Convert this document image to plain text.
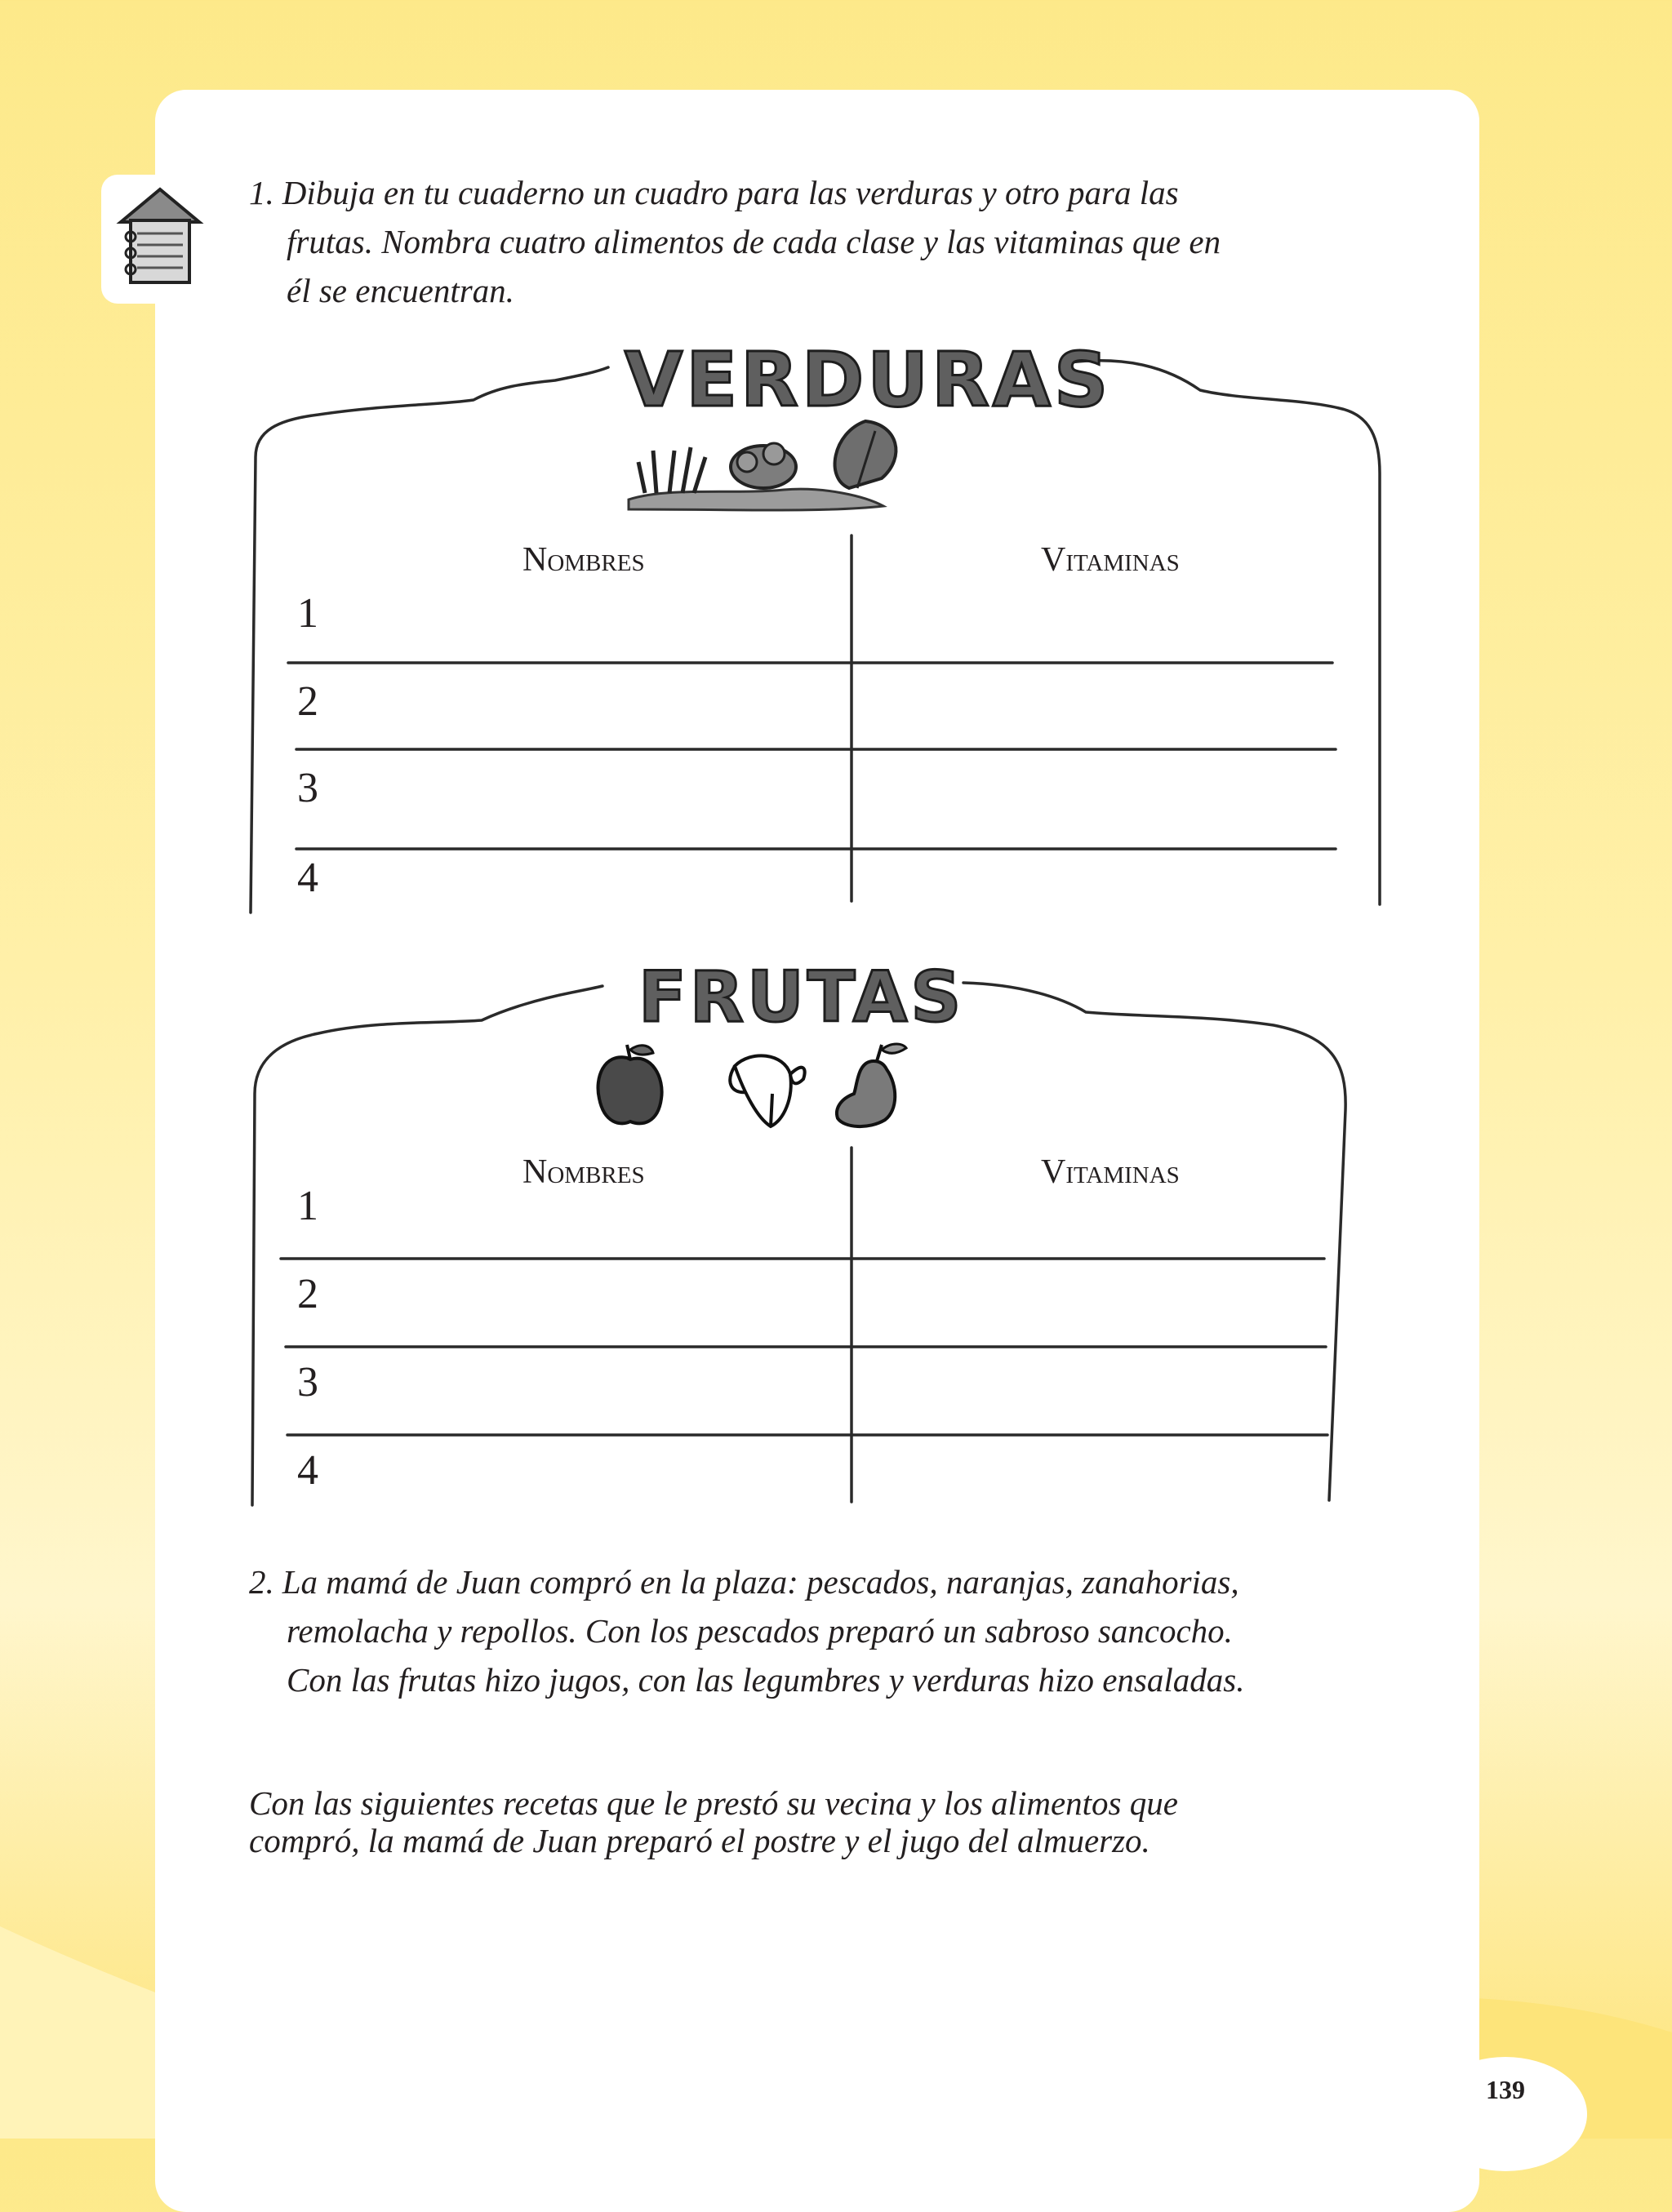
1. Dibuja en tu cuaderno un cuadro para las verduras y otro para las
frutas. Nombra cuatro alimentos de cada clase y las vitaminas que en
él se encuentran.
VERDURAS
Nombres	Vitaminas
1
2
3
4
FRUTAS
Nombres	Vitaminas
1
2
3
4
2. La mamá de Juan compró en la plaza: pescados, naranjas, zanahorias,
remolacha y repollos. Con los pescados preparó un sabroso sancocho.
Con las frutas hizo jugos, con las legumbres y verduras hizo ensaladas.
Con las siguientes recetas que le prestó su vecina y los alimentos que
compró, la mamá de Juan preparó el postre y el jugo del almuerzo.
139
